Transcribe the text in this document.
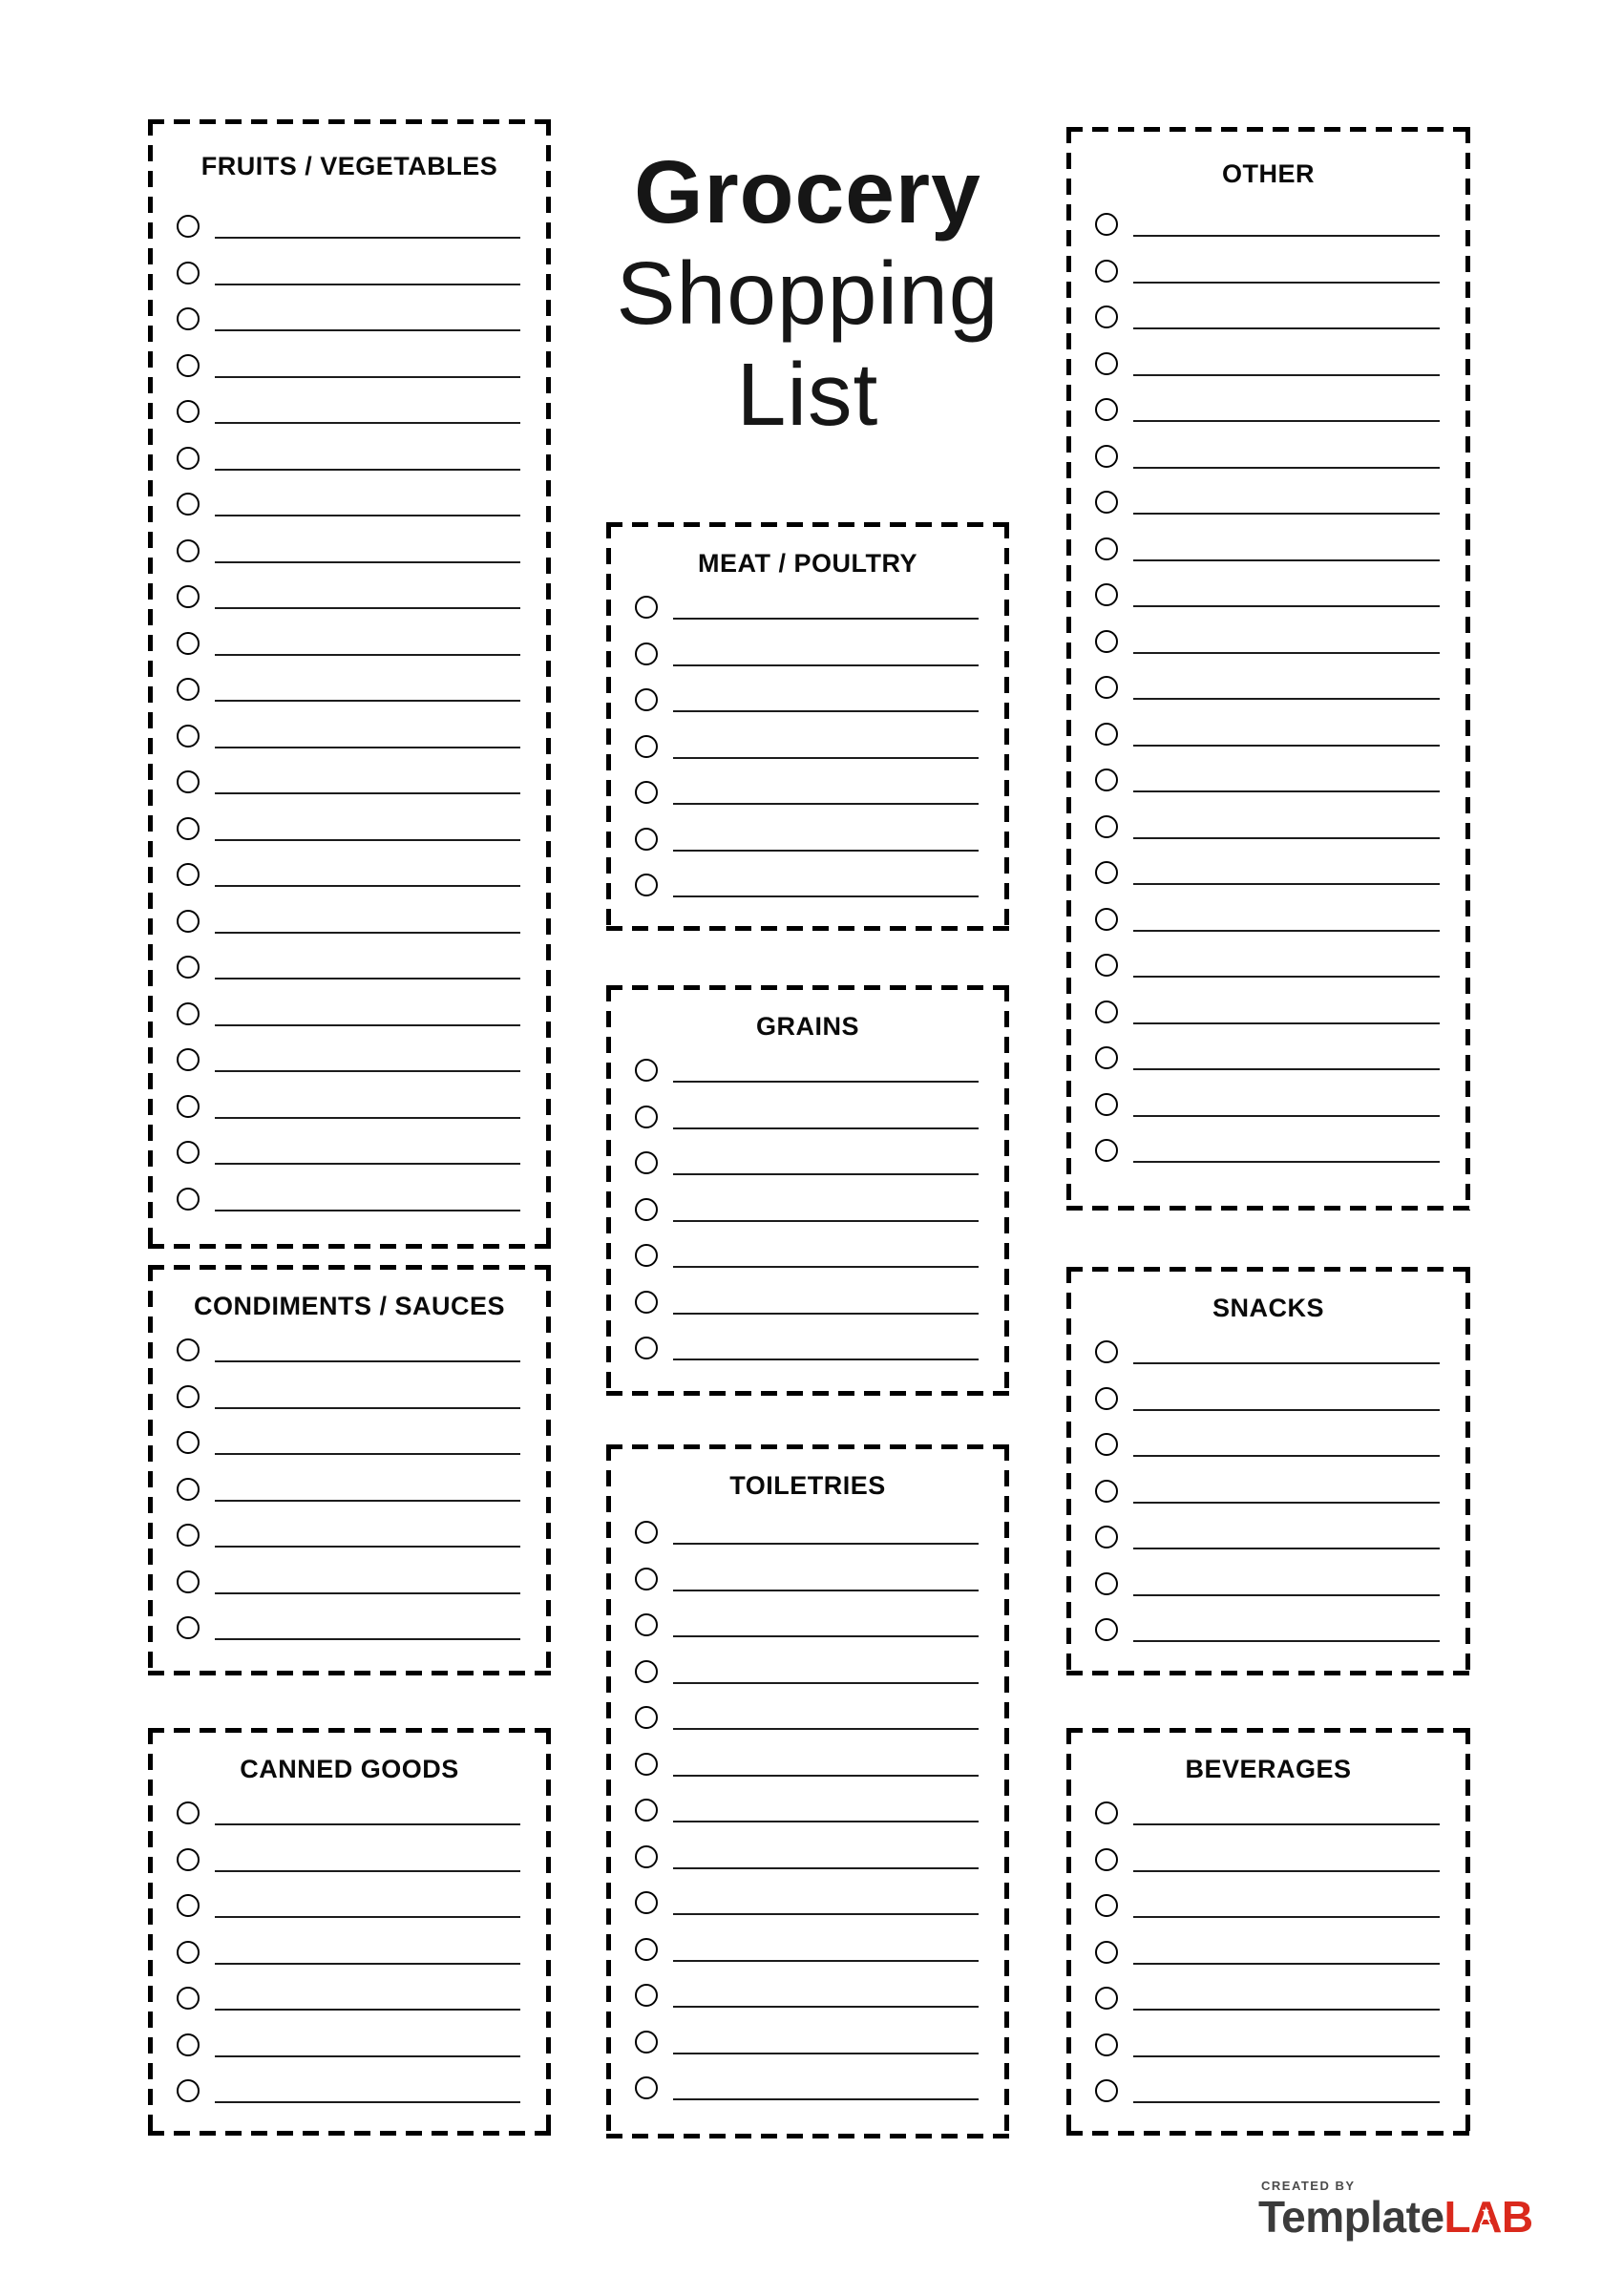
Grocery
Shopping
List
FRUITS / VEGETABLES
CONDIMENTS / SAUCES
CANNED GOODS
MEAT / POULTRY
GRAINS
TOILETRIES
OTHER
SNACKS
BEVERAGES
CREATED BY
TemplateLAB
